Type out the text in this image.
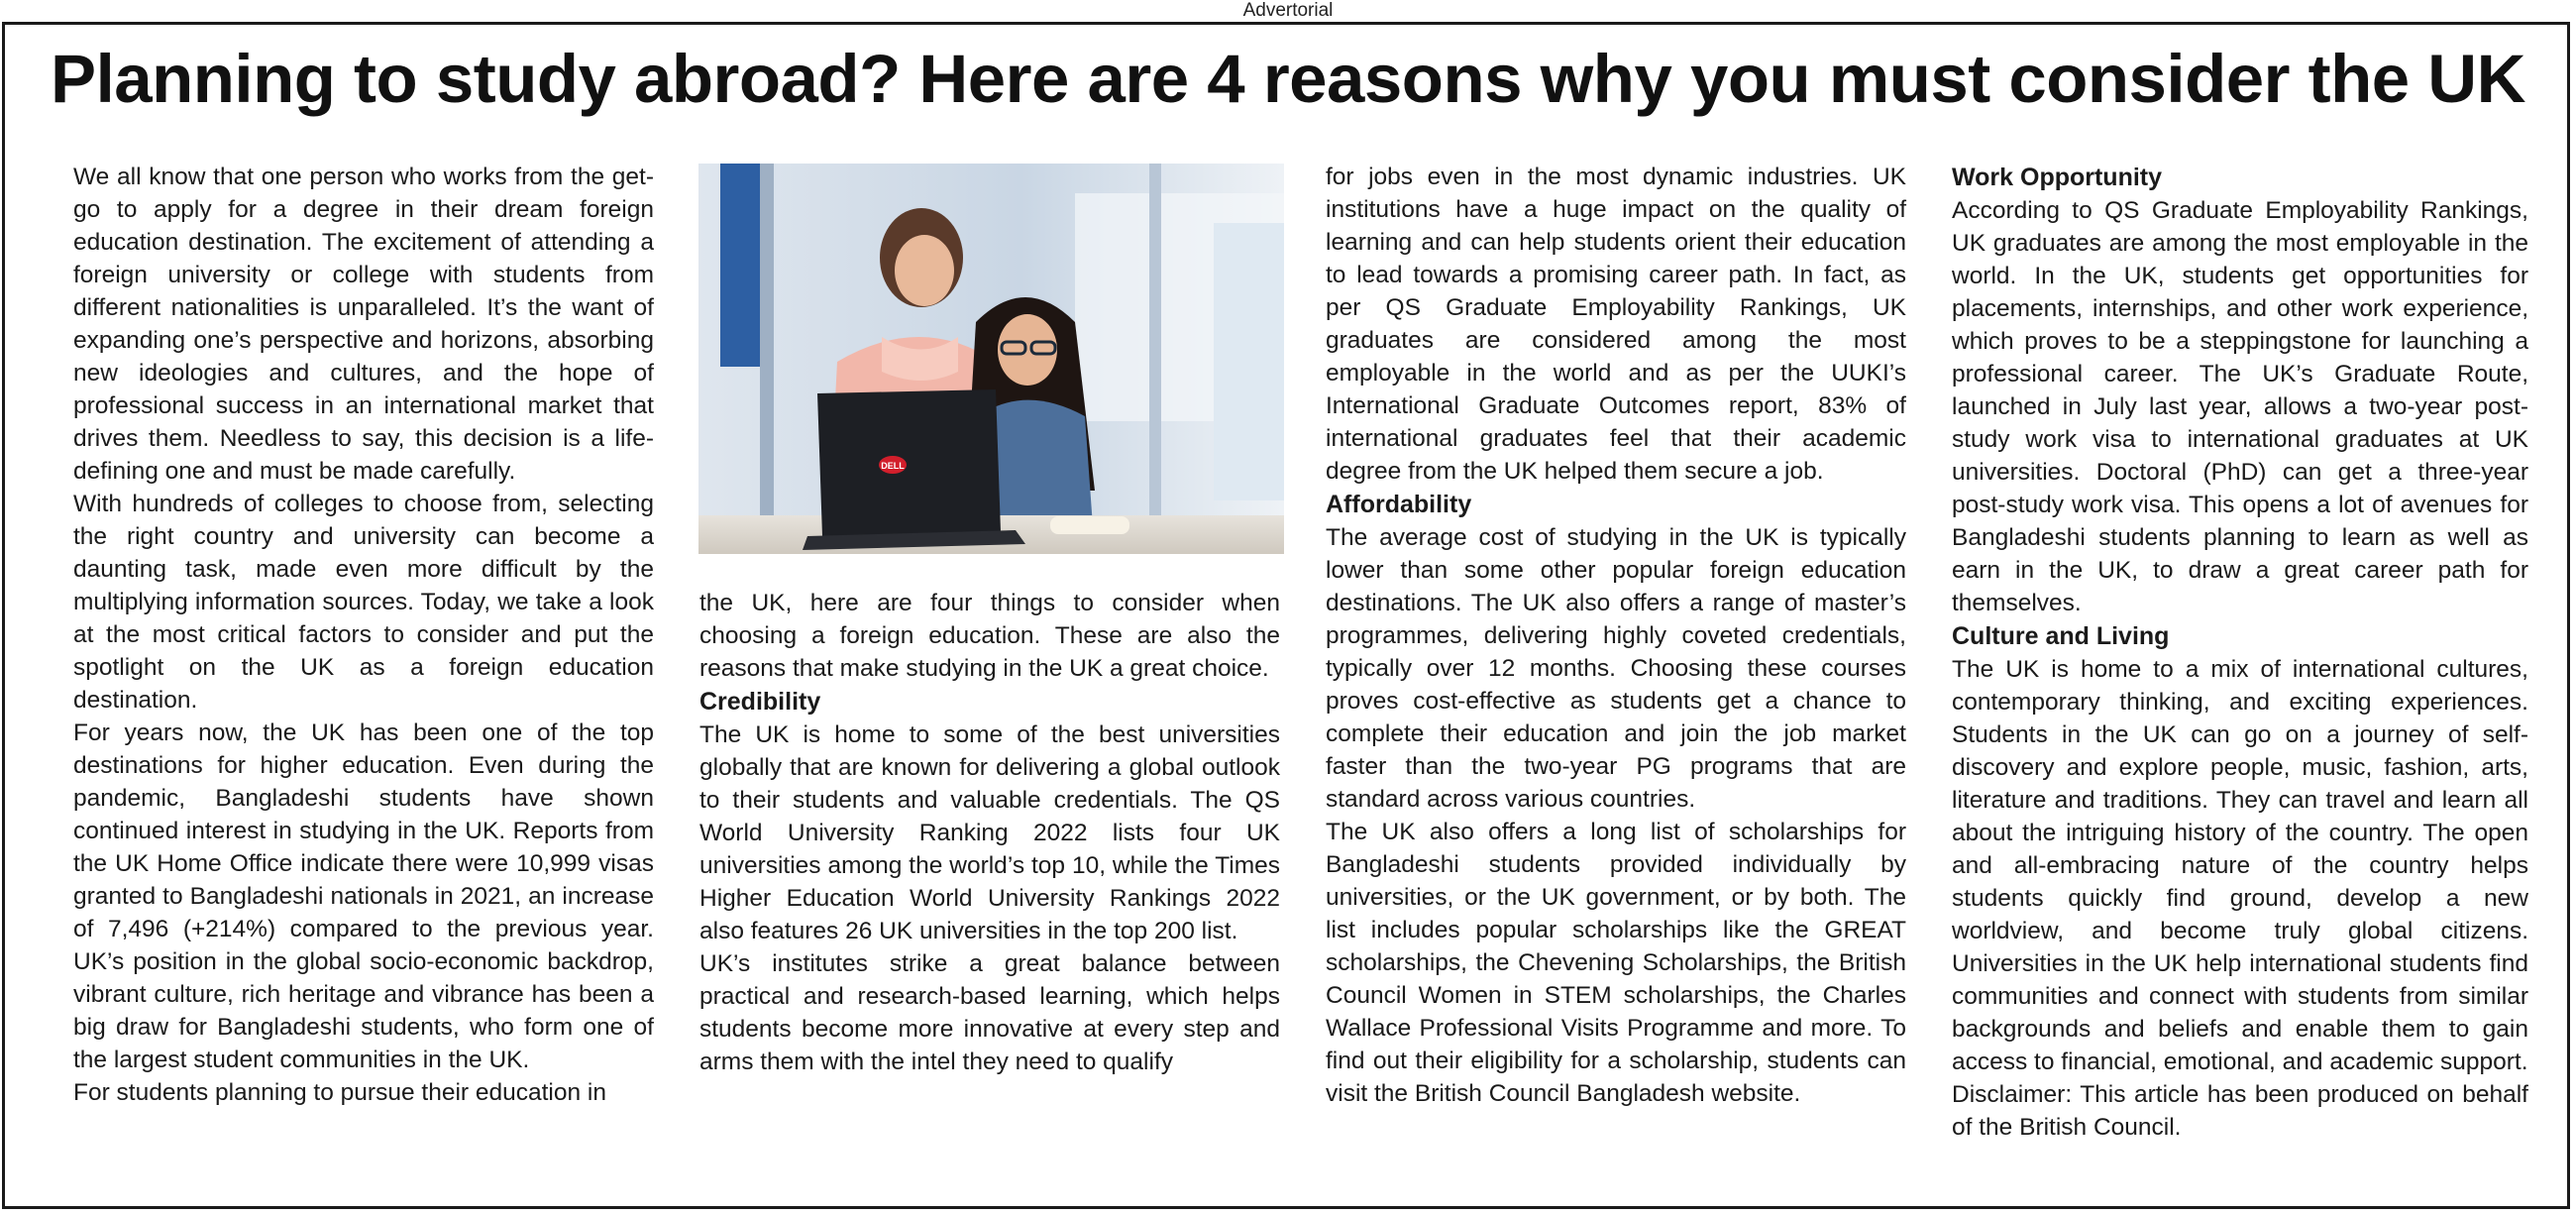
Advertorial
Planning to study abroad? Here are 4 reasons why you must consider the UK

We all know that one person who works from the get-go to apply for a degree in their dream foreign education destination. The excitement of attending a foreign university or college with students from different nationalities is unparalleled. It’s the want of expanding one’s perspective and horizons, absorbing new ideologies and cultures, and the hope of professional success in an international market that drives them. Needless to say, this decision is a life-defining one and must be made carefully.

With hundreds of colleges to choose from, selecting the right country and university can become a daunting task, made even more difficult by the multiplying information sources. Today, we take a look at the most critical factors to consider and put the spotlight on the UK as a foreign education destination.

For years now, the UK has been one of the top destinations for higher education. Even during the pandemic, Bangladeshi students have shown continued interest in studying in the UK. Reports from the UK Home Office indicate there were 10,999 visas granted to Bangladeshi nationals in 2021, an increase of 7,496 (+214%) compared to the previous year. UK’s position in the global socio-economic backdrop, vibrant culture, rich heritage and vibrance has been a big draw for Bangladeshi students, who form one of the largest student communities in the UK.

For students planning to pursue their education in

DELL

the UK, here are four things to consider when choosing a foreign education. These are also the reasons that make studying in the UK a great choice.

Credibility

The UK is home to some of the best universities globally that are known for delivering a global outlook to their students and valuable credentials. The QS World University Ranking 2022 lists four UK universities among the world’s top 10, while the Times Higher Education World University Rankings 2022 also features 26 UK universities in the top 200 list.

UK’s institutes strike a great balance between practical and research-based learning, which helps students become more innovative at every step and arms them with the intel they need to qualify

for jobs even in the most dynamic industries. UK institutions have a huge impact on the quality of learning and can help students orient their education to lead towards a promising career path. In fact, as per QS Graduate Employability Rankings, UK graduates are considered among the most employable in the world and as per the UUKI’s International Graduate Outcomes report, 83% of international graduates feel that their academic degree from the UK helped them secure a job.

Affordability

The average cost of studying in the UK is typically lower than some other popular foreign education destinations. The UK also offers a range of master’s programmes, delivering highly coveted credentials, typically over 12 months. Choosing these courses proves cost-effective as students get a chance to complete their education and join the job market faster than the two-year PG programs that are standard across various countries.

The UK also offers a long list of scholarships for Bangladeshi students provided individually by universities, or the UK government, or by both. The list includes popular scholarships like the GREAT scholarships, the Chevening Scholarships, the British Council Women in STEM scholarships, the Charles Wallace Professional Visits Programme and more. To find out their eligibility for a scholarship, students can visit the British Council Bangladesh website.

Work Opportunity

According to QS Graduate Employability Rankings, UK graduates are among the most employable in the world. In the UK, students get opportunities for placements, internships, and other work experience, which proves to be a steppingstone for launching a professional career. The UK’s Graduate Route, launched in July last year, allows a two-year post-study work visa to international graduates at UK universities. Doctoral (PhD) can get a three-year post-study work visa. This opens a lot of avenues for Bangladeshi students planning to learn as well as earn in the UK, to draw a great career path for themselves.

Culture and Living

The UK is home to a mix of international cultures, contemporary thinking, and exciting experiences. Students in the UK can go on a journey of self-discovery and explore people, music, fashion, arts, literature and traditions. They can travel and learn all about the intriguing history of the country. The open and all-embracing nature of the country helps students quickly find ground, develop a new worldview, and become truly global citizens. Universities in the UK help international students find communities and connect with students from similar backgrounds and beliefs and enable them to gain access to financial, emotional, and academic support.

Disclaimer: This article has been produced on behalf of the British Council.
